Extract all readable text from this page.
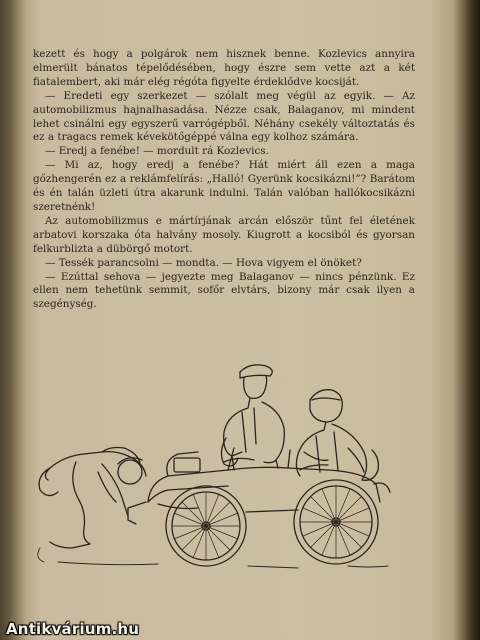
kezett és hogy a polgárok nem hisznek benne. Kozlevics annyira elmerült bánatos tépelődésében, hogy észre sem vette azt a két fiatalembert, aki már elég régóta figyelte érdeklődve kocsiját.

— Eredeti egy szerkezet — szólalt meg végül az egyik. — Az automobilizmus hajnalhasadása. Nézze csak, Balaganov, mi mindent lehet csinálni egy egyszerű varrógépből. Néhány csekély változtatás és ez a tragacs remek kévekötőgéppé válna egy kolhoz számára.

— Eredj a fenébe! — mordult rá Kozlevics.

— Mi az, hogy eredj a fenébe? Hát miért áll ezen a maga gőzhengerén ez a reklámfelírás: „Halló! Gyerünk kocsikázni!”? Barátom és én talán üzleti útra akarunk indulni. Talán valóban hallókocsikázni szeretnénk!

Az automobilizmus e mártírjának arcán először tűnt fel életének arbatovi korszaka óta halvány mosoly. Kiugrott a kocsiból és gyorsan felkurblizta a dübörgő motort.

— Tessék parancsolni — mondta. — Hova vigyem el önöket?

— Ezúttal sehova — jegyezte meg Balaganov — nincs pénzünk. Ez ellen nem tehetünk semmit, sofőr elvtárs, bizony már csak ilyen a szegénység.

Antikvárium.hu
